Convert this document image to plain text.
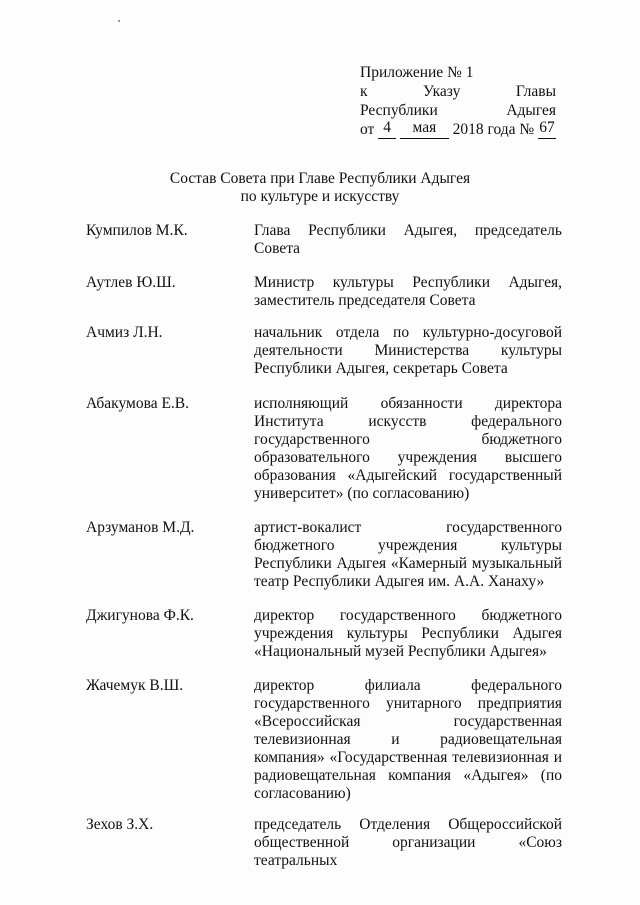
Приложение № 1
к	Указу	Главы
Республики	Адыгея
от
4
	мая
	2018 года №
67
Состав Совета при Главе Республики Адыгея
по культуре и искусству
Кумпилов М.К.	Глава Республики Адыгея, председатель Совета
Аутлев Ю.Ш.	Министр культуры Республики Адыгея, заместитель председателя Совета
Ачмиз Л.Н.	начальник отдела по культурно-досуговой деятельности Министерства культуры Республики Адыгея, секретарь Совета
Абакумова Е.В.	исполняющий обязанности директора Института искусств федерального государственного бюджетного образовательного учреждения высшего образования «Адыгейский государственный университет» (по согласованию)
Арзуманов М.Д.	артист-вокалист государственного бюджетного учреждения культуры Республики Адыгея «Камерный музыкальный театр Республики Адыгея им. А.А. Ханаху»
Джигунова Ф.К.	директор государственного бюджетного учреждения культуры Республики Адыгея «Национальный музей Республики Адыгея»
Жачемук В.Ш.	директор филиала федерального государственного унитарного предприятия «Всероссийская государственная телевизионная и радиовещательная компания» «Государственная телевизионная и радиовещательная компания «Адыгея» (по согласованию)
Зехов З.Х.	председатель Отделения Общероссийской общественной организации «Союз театральных
